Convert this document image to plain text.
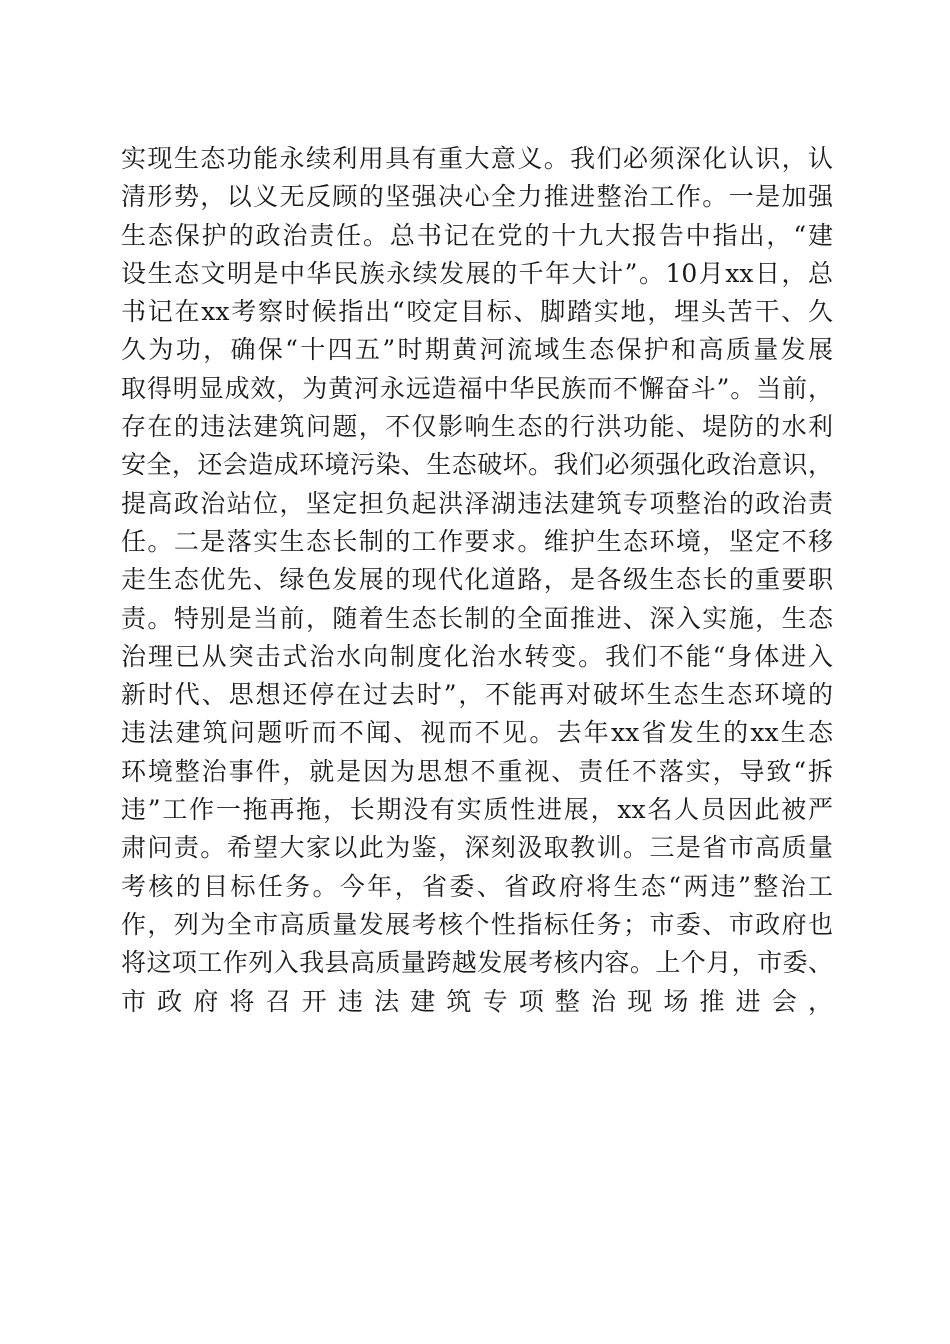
实现生态功能永续利用具有重大意义。我们必须深化认识，认
清形势，以义无反顾的坚强决心全力推进整治工作。一是加强
生态保护的政治责任。总书记在党的十九大报告中指出，“建
设生态文明是中华民族永续发展的千年大计”。10月xx日，总
书记在xx考察时候指出“咬定目标、脚踏实地，埋头苦干、久
久为功，确保“十四五”时期黄河流域生态保护和高质量发展
取得明显成效，为黄河永远造福中华民族而不懈奋斗”。当前，
存在的违法建筑问题，不仅影响生态的行洪功能、堤防的水利
安全，还会造成环境污染、生态破坏。我们必须强化政治意识，
提高政治站位，坚定担负起洪泽湖违法建筑专项整治的政治责
任。二是落实生态长制的工作要求。维护生态环境，坚定不移
走生态优先、绿色发展的现代化道路，是各级生态长的重要职
责。特别是当前，随着生态长制的全面推进、深入实施，生态
治理已从突击式治水向制度化治水转变。我们不能“身体进入
新时代、思想还停在过去时”，不能再对破坏生态生态环境的
违法建筑问题听而不闻、视而不见。去年xx省发生的xx生态
环境整治事件，就是因为思想不重视、责任不落实，导致“拆
违”工作一拖再拖，长期没有实质性进展，xx名人员因此被严
肃问责。希望大家以此为鉴，深刻汲取教训。三是省市高质量
考核的目标任务。今年，省委、省政府将生态“两违”整治工
作，列为全市高质量发展考核个性指标任务；市委、市政府也
将这项工作列入我县高质量跨越发展考核内容。上个月，市委、
市政府将召开违法建筑专项整治现场推进会，
